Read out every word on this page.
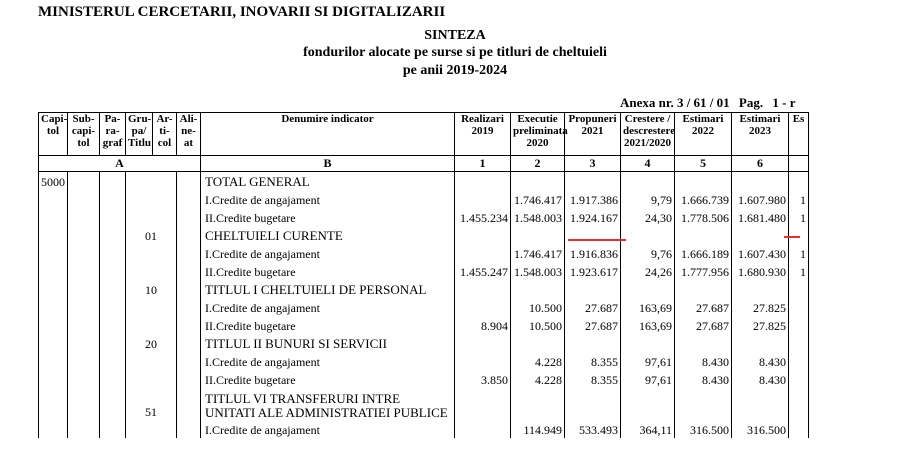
MINISTERUL CERCETARII, INOVARII SI DIGITALIZARII
SINTEZA
fondurilor alocate pe surse si pe titluri de cheltuieli
pe anii 2019-2024
Anexa nr. 3 / 61 / 01 Pag. 1 - r
Capi-tol	Sub-capi-tol	Pa-ra-graf	Gru-pa/ Titlu	Ar-ti-col	Ali-ne-at	Denumire indicator	Realizari 2019	Executie preliminata 2020	Propuneri 2021	Crestere / descrestere 2021/2020	Estimari 2022	Estimari 2023	Es
A						B	1	2	3	4	5	6	
5000						TOTAL GENERAL							
						I.Credite de angajament		1.746.417	1.917.386	9,79	1.666.739	1.607.980	1
						II.Credite bugetare	1.455.234	1.548.003	1.924.167	24,30	1.778.506	1.681.480	1
			01			CHELTUIELI CURENTE							
						I.Credite de angajament		1.746.417	1.916.836	9,76	1.666.189	1.607.430	1
						II.Credite bugetare	1.455.247	1.548.003	1.923.617	24,26	1.777.956	1.680.930	1
			10			TITLUL I CHELTUIELI DE PERSONAL							
						I.Credite de angajament		10.500	27.687	163,69	27.687	27.825	
						II.Credite bugetare	8.904	10.500	27.687	163,69	27.687	27.825	
			20			TITLUL II BUNURI SI SERVICII							
						I.Credite de angajament		4.228	8.355	97,61	8.430	8.430	
						II.Credite bugetare	3.850	4.228	8.355	97,61	8.430	8.430	
			51			TITLUL VI TRANSFERURI INTRE UNITATI ALE ADMINISTRATIEI PUBLICE							
						I.Credite de angajament		114.949	533.493	364,11	316.500	316.500	
